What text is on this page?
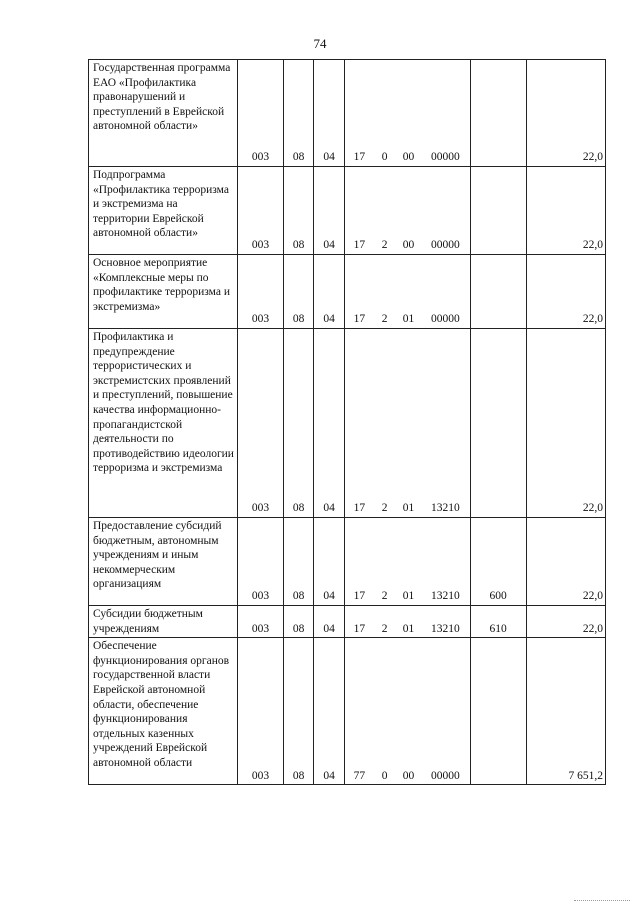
74
Государственная программа ЕАО «Профилактика правонарушений и преступлений в Еврейской автономной области»	003	08	04	17	0	00	00000		22,0
Подпрограмма «Профилактика терроризма и экстремизма на территории Еврейской автономной области»	003	08	04	17	2	00	00000		22,0
Основное мероприятие «Комплексные меры по профилактике терроризма и экстремизма»	003	08	04	17	2	01	00000		22,0
Профилактика и предупреждение террористических и экстремистских проявлений и преступлений, повышение качества информационно-пропагандистской деятельности по противодействию идеологии терроризма и экстремизма	003	08	04	17	2	01	13210		22,0
Предоставление субсидий бюджетным, автономным учреждениям и иным некоммерческим организациям	003	08	04	17	2	01	13210	600	22,0
Субсидии бюджетным учреждениям	003	08	04	17	2	01	13210	610	22,0
Обеспечение функционирования органов государственной власти Еврейской автономной области, обеспечение функционирования отдельных казенных учреждений Еврейской автономной области	003	08	04	77	0	00	00000		7 651,2
